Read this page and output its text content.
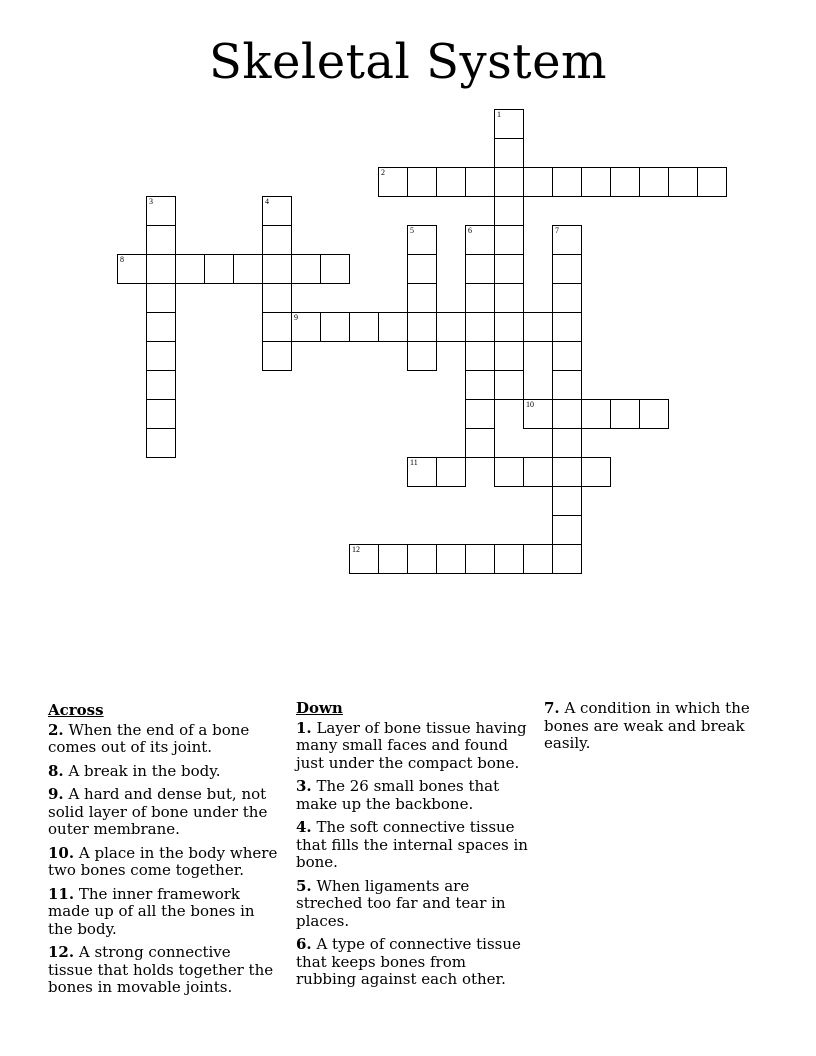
Skeletal System
1
2
3	4
8
5	6	7
9
10
11
12
Across
2. When the end of a bone comes out of its joint.
8. A break in the body.
9. A hard and dense but, not solid layer of bone under the outer membrane.
10. A place in the body where two bones come together.
11. The inner framework made up of all the bones in the body.
12. A strong connective tissue that holds together the bones in movable joints.
Down
1. Layer of bone tissue having many small faces and found just under the compact bone.
3. The 26 small bones that make up the backbone.
4. The soft connective tissue that fills the internal spaces in bone.
5. When ligaments are streched too far and tear in places.
6. A type of connective tissue that keeps bones from rubbing against each other.
7. A condition in which the bones are weak and break easily.
